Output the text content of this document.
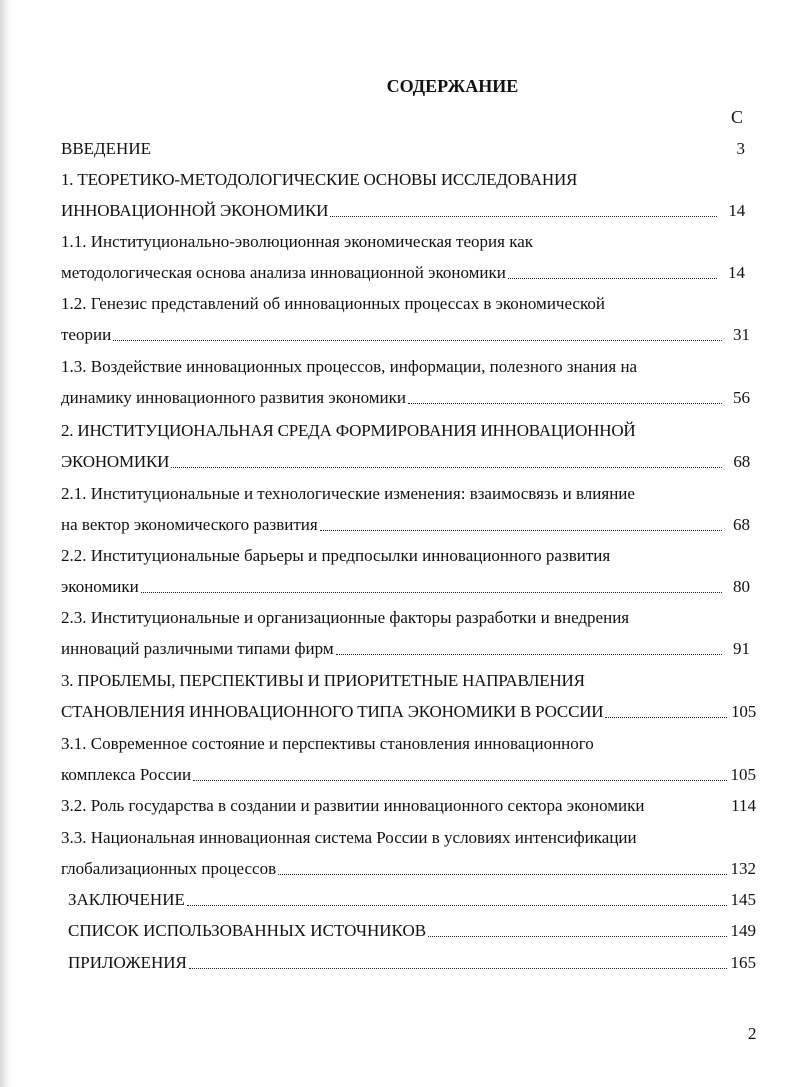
СОДЕРЖАНИЕ
С
ВВЕДЕНИЕ	3
1. ТЕОРЕТИКО-МЕТОДОЛОГИЧЕСКИЕ ОСНОВЫ ИССЛЕДОВАНИЯ
ИННОВАЦИОННОЙ ЭКОНОМИКИ	14
1.1. Институционально-эволюционная экономическая теория как
методологическая основа анализа инновационной экономики	14
1.2. Генезис представлений об инновационных процессах в экономической
теории	31
1.3. Воздействие инновационных процессов, информации, полезного знания на
динамику инновационного развития экономики	56
2. ИНСТИТУЦИОНАЛЬНАЯ СРЕДА ФОРМИРОВАНИЯ ИННОВАЦИОННОЙ
ЭКОНОМИКИ	68
2.1. Институциональные и технологические изменения: взаимосвязь и влияние
на вектор экономического развития	68
2.2. Институциональные барьеры и предпосылки инновационного развития
экономики	80
2.3. Институциональные и организационные факторы разработки и внедрения
инноваций различными типами фирм	91
3. ПРОБЛЕМЫ, ПЕРСПЕКТИВЫ И ПРИОРИТЕТНЫЕ НАПРАВЛЕНИЯ
СТАНОВЛЕНИЯ ИННОВАЦИОННОГО ТИПА ЭКОНОМИКИ В РОССИИ	105
3.1. Современное состояние и перспективы становления инновационного
комплекса России	105
3.2. Роль государства в создании и развитии инновационного сектора экономики	114
3.3. Национальная инновационная система России в условиях интенсификации
глобализационных процессов	132
ЗАКЛЮЧЕНИЕ	145
СПИСОК ИСПОЛЬЗОВАННЫХ ИСТОЧНИКОВ	149
ПРИЛОЖЕНИЯ	165
2
